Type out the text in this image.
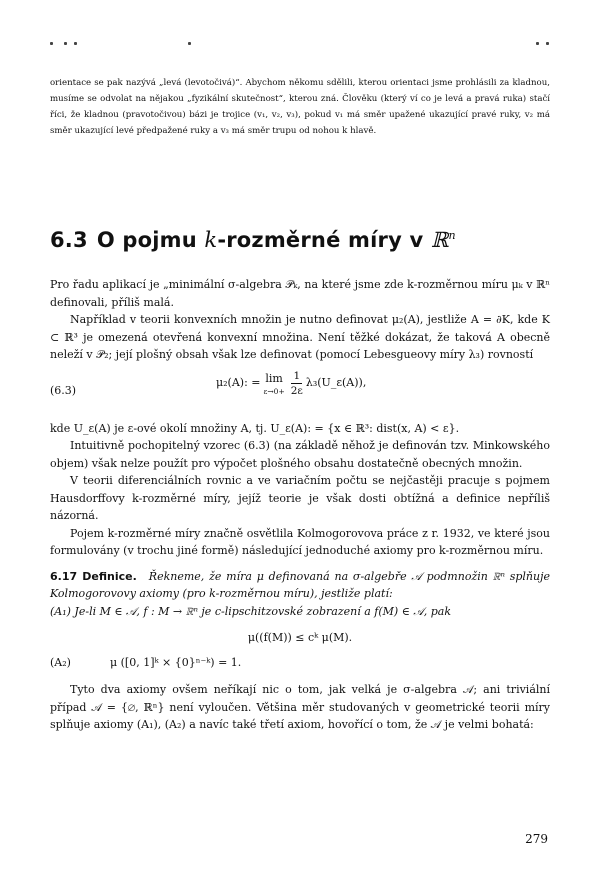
orientace se pak nazývá „levá (levotočivá)“. Abychom někomu sdělili, kterou orientaci jsme prohlásili za kladnou, musíme se odvolat na nějakou „fyzikální skutečnost“, kterou zná. Člověku (který ví co je levá a pravá ruka) stačí říci, že kladnou (pravotočivou) bázi je trojice (v₁, v₂, v₃), pokud v₁ má směr upažené ukazující pravé ruky, v₂ má směr ukazující levé předpažené ruky a v₃ má směr trupu od nohou k hlavě.

6.3 O pojmu k-rozměrné míry v ℝ$^n$

Pro řadu aplikací je „minimální σ-algebra 𝒫ₖ, na které jsme zde k-rozměrnou míru μₖ v ℝⁿ definovali, příliš malá.

Například v teorii konvexních množin je nutno definovat μ₂(A), jestliže A = ∂K, kde K ⊂ ℝ³ je omezená otevřená konvexní množina. Není těžké dokázat, že taková A obecně neleží v 𝒫₂; její plošný obsah však lze definovat (pomocí Lebesgueovy míry λ₃) rovností

(6.3)
μ₂(A): = lim
$\varepsilon\to 0+ \frac{1}{2\varepsilon}$ λ₃(U_ε(A)),

kde U_ε(A) je ε-ové okolí množiny A, tj. U_ε(A): = {x ∈ ℝ³: dist(x, A) < ε}.

Intuitivně pochopitelný vzorec (6.3) (na základě něhož je definován tzv. Minkowského objem) však nelze použít pro výpočet plošného obsahu dostatečně obecných množin.

V teorii diferenciálních rovnic a ve variačním počtu se nejčastěji pracuje s pojmem Hausdorffovy k-rozměrné míry, jejíž teorie je však dosti obtížná a definice nepříliš názorná.

Pojem k-rozměrné míry značně osvětlila Kolmogorovova práce z r. 1932, ve které jsou formulovány (v trochu jiné formě) následující jednoduché axiomy pro k-rozměrnou míru.

6.17 Definice. Řekneme, že míra μ definovaná na σ-algebře 𝒜 podmnožin ℝⁿ splňuje Kolmogorovovy axiomy (pro k-rozměrnou míru), jestliže platí:

(A₁) Je-li M ∈ 𝒜, f : M → ℝⁿ je c-lipschitzovské zobrazení a f(M) ∈ 𝒜, pak
μ((f(M)) ≤ cᵏ μ(M).
(A₂)	μ ([0, 1]ᵏ × {0}ⁿ⁻ᵏ) = 1.

Tyto dva axiomy ovšem neříkají nic o tom, jak velká je σ-algebra 𝒜; ani triviální případ 𝒜 = {∅, ℝⁿ} není vyloučen. Většina měr studovaných v geometrické teorii míry splňuje axiomy (A₁), (A₂) a navíc také třetí axiom, hovořící o tom, že 𝒜 je velmi bohatá:

279
